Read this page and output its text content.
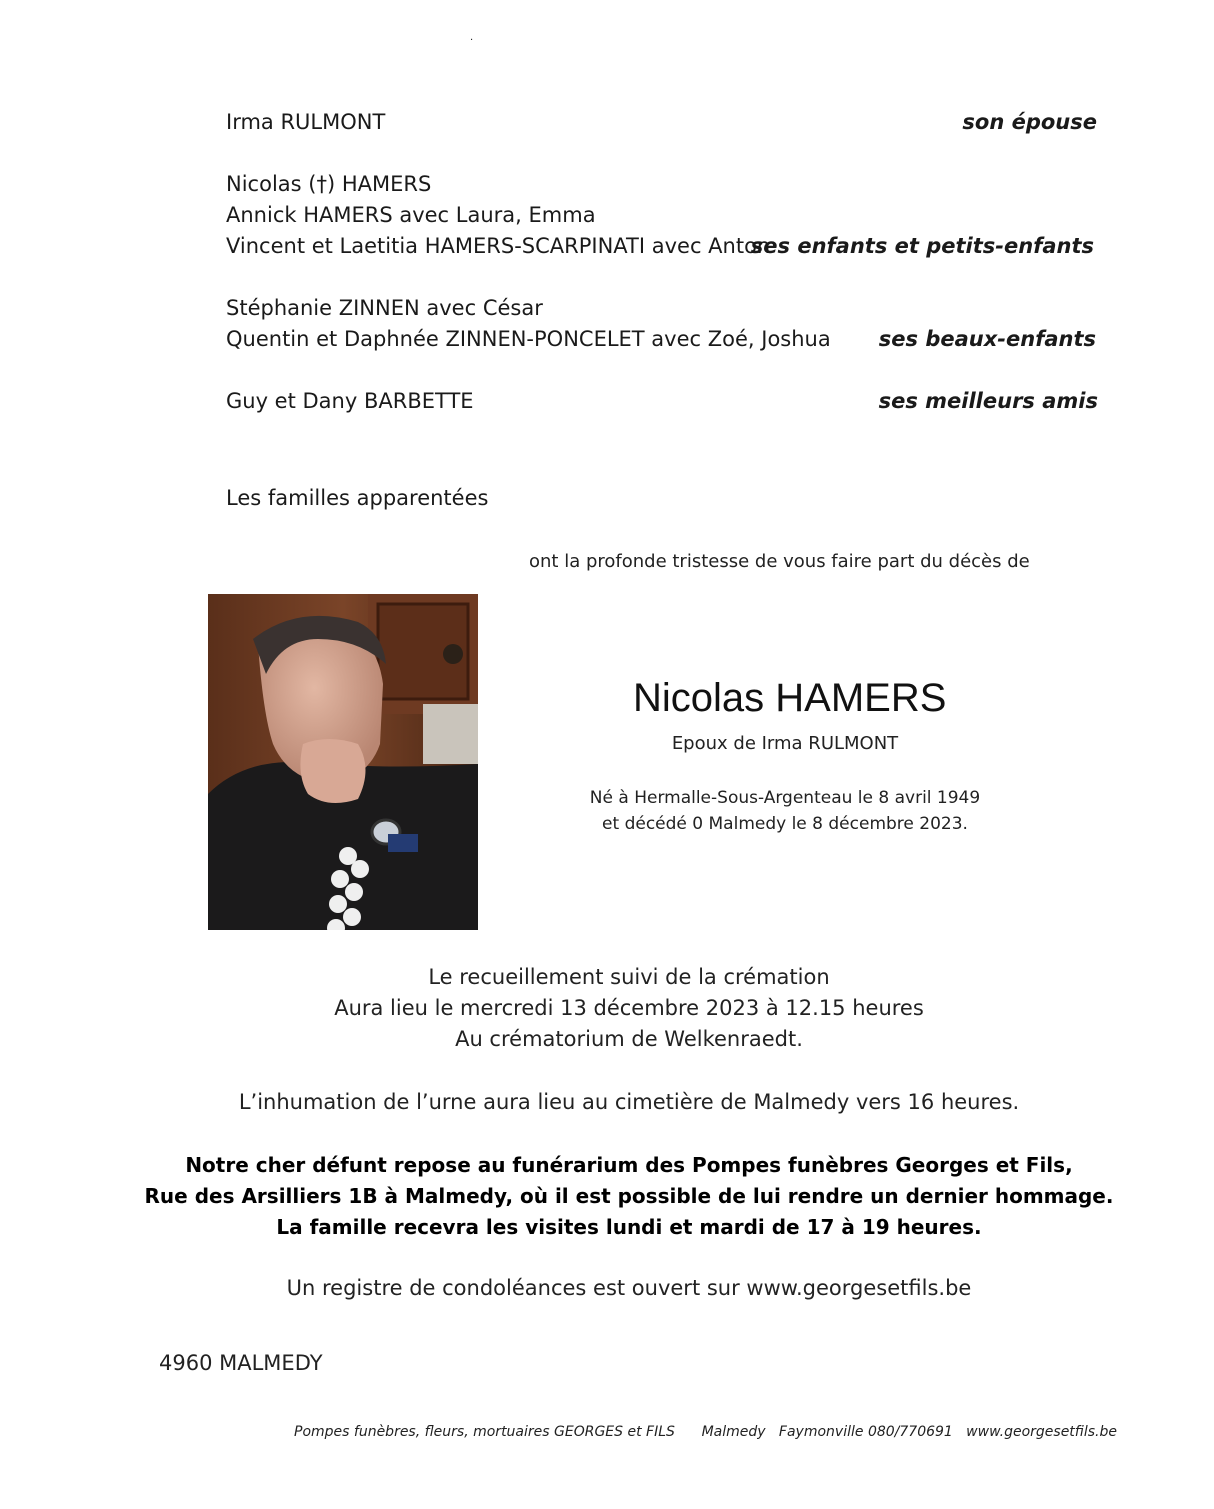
.
Irma RULMONT	son épouse
Nicolas (†) HAMERS
Annick HAMERS avec Laura, Emma
Vincent et Laetitia HAMERS-SCARPINATI avec Anton
ses enfants et petits-enfants
Stéphanie ZINNEN avec César
Quentin et Daphnée ZINNEN-PONCELET avec Zoé, Joshua ses beaux-enfants
Guy et Dany BARBETTE	ses meilleurs amis
Les familles apparentées
ont la profonde tristesse de vous faire part du décès de
Nicolas HAMERS
Epoux de Irma RULMONT
Né à Hermalle-Sous-Argenteau le 8 avril 1949
et décédé 0 Malmedy le 8 décembre 2023.
Le recueillement suivi de la crémation
Aura lieu le mercredi 13 décembre 2023 à 12.15 heures
Au crématorium de Welkenraedt.
L’inhumation de l’urne aura lieu au cimetière de Malmedy vers 16 heures.
Notre cher défunt repose au funérarium des Pompes funèbres Georges et Fils,
Rue des Arsilliers 1B à Malmedy, où il est possible de lui rendre un dernier hommage.
La famille recevra les visites lundi et mardi de 17 à 19 heures.
Un registre de condoléances est ouvert sur www.georgesetfils.be
4960 MALMEDY
Pompes funèbres, fleurs, mortuaires GEORGES et FILS      Malmedy   Faymonville 080/770691   www.georgesetfils.be
